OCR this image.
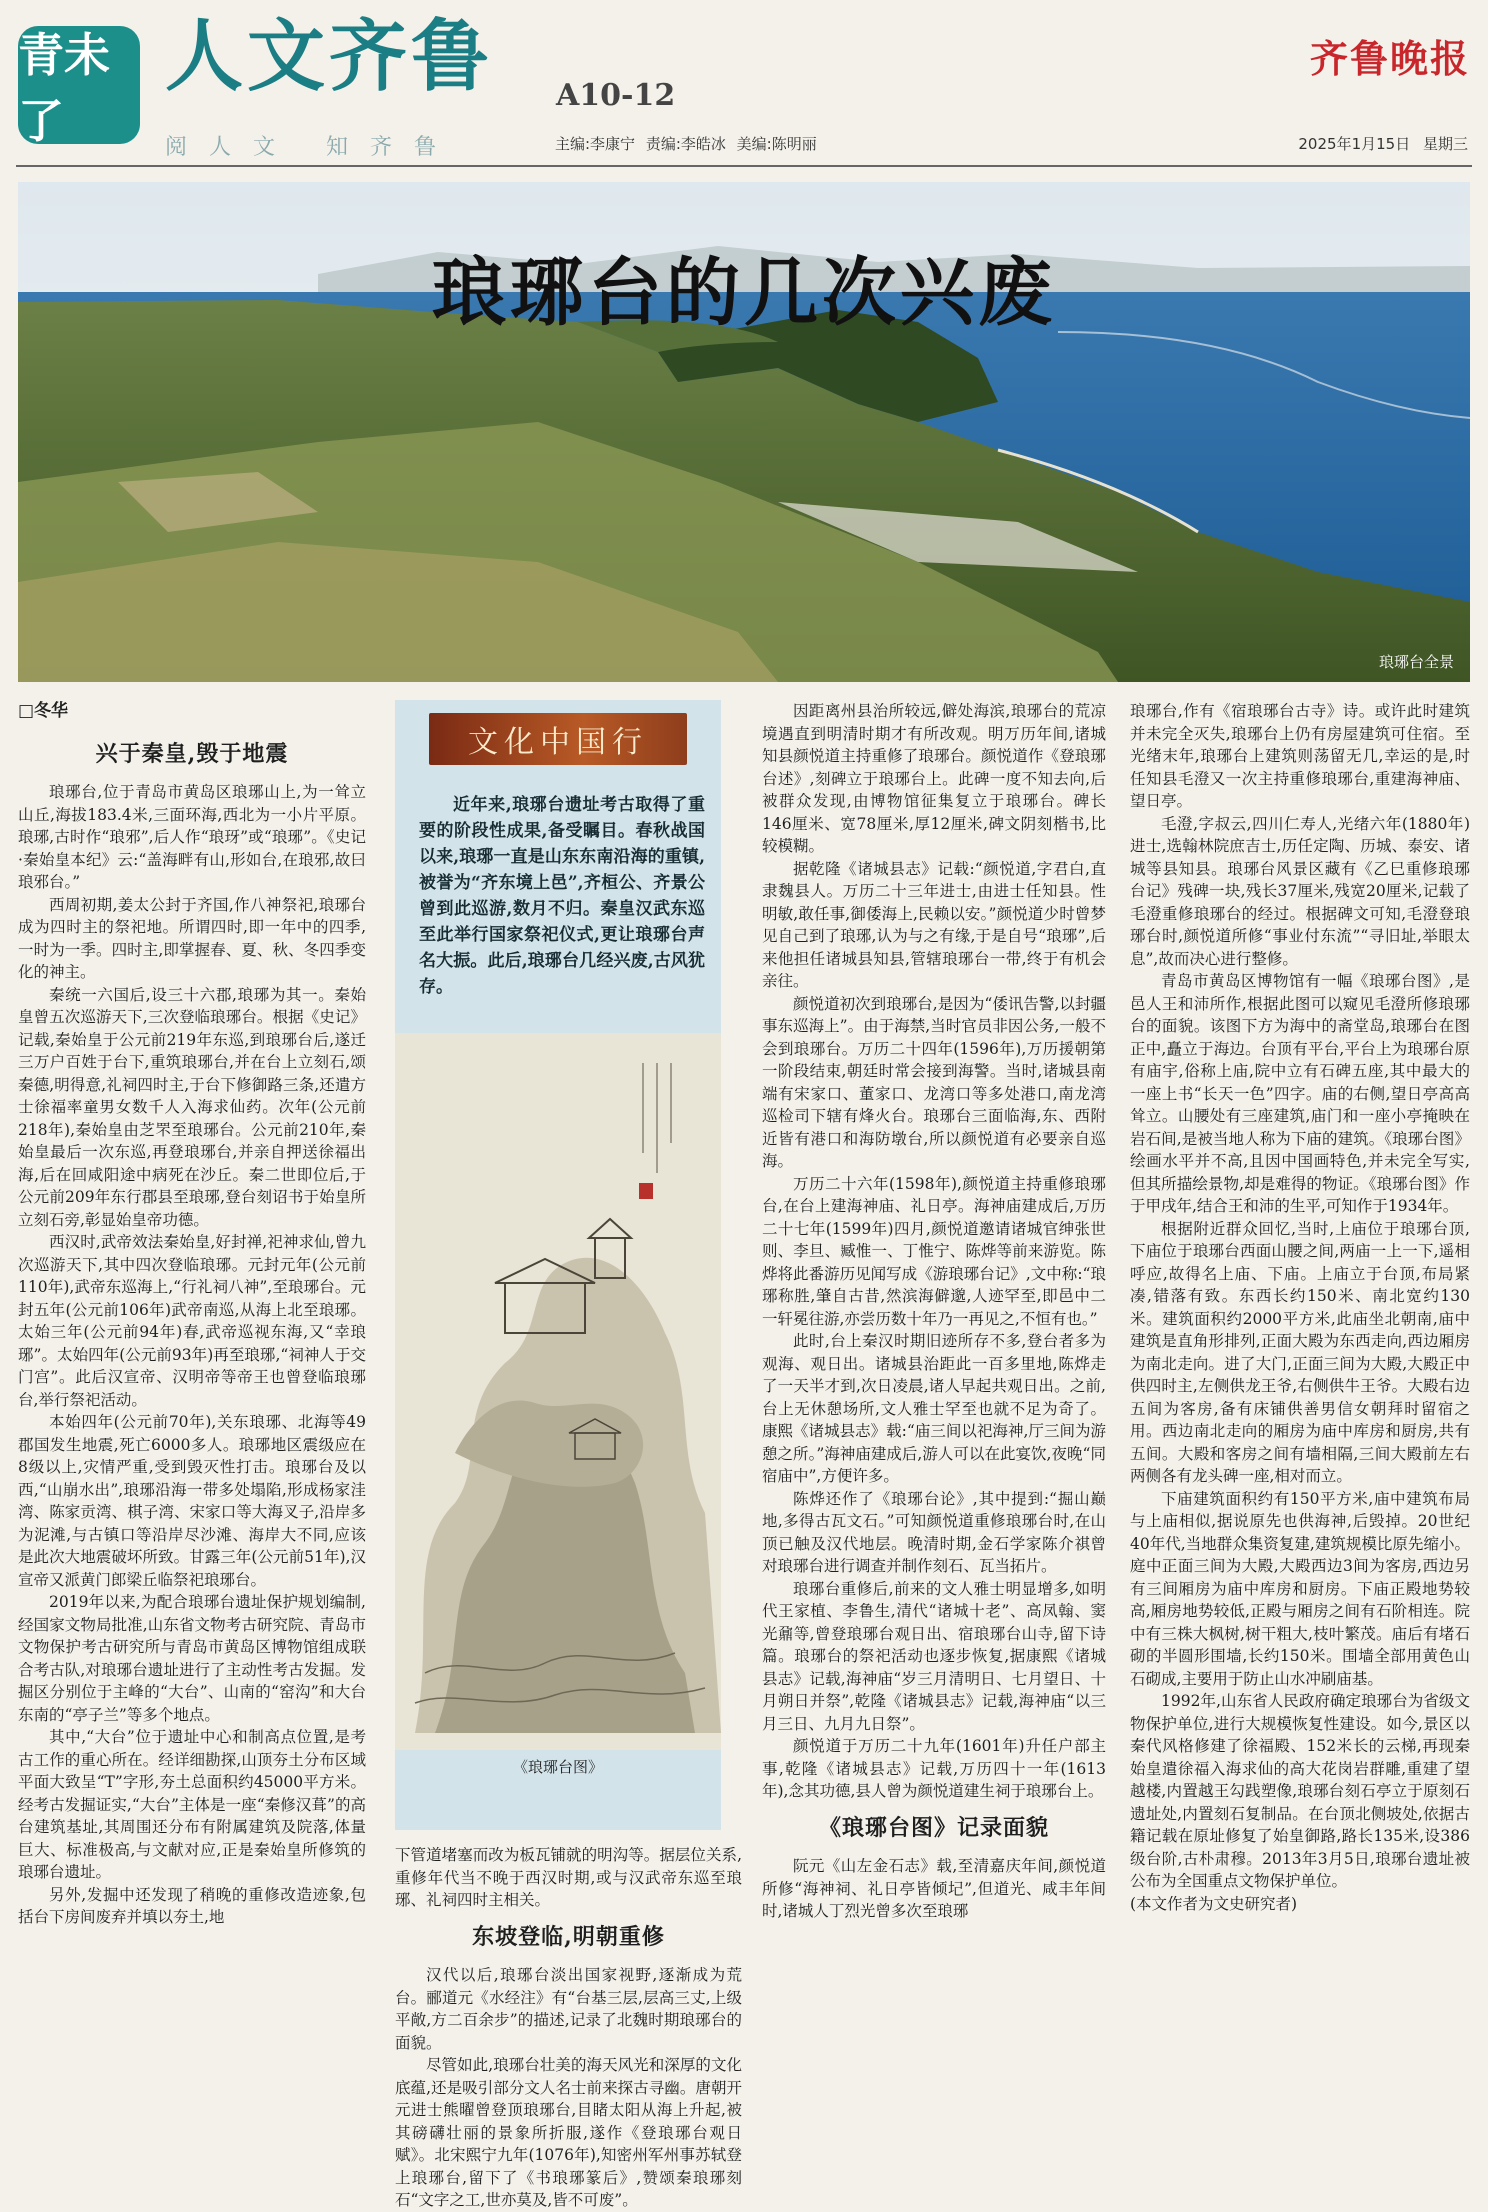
青未了
人文齐鲁 A10-12
阅人文 知齐鲁	主编:李康宁 责编:李皓冰 美编:陈明丽
齐鲁晚报
2025年1月15日 星期三
琅琊台的几次兴废
琅琊台全景
□冬华
兴于秦皇,毁于地震

琅琊台,位于青岛市黄岛区琅琊山上,为一耸立山丘,海拔183.4米,三面环海,西北为一小片平原。琅琊,古时作“琅邪”,后人作“琅玡”或“琅琊”。《史记·秦始皇本纪》云:“盖海畔有山,形如台,在琅邪,故曰琅邪台。”

西周初期,姜太公封于齐国,作八神祭祀,琅琊台成为四时主的祭祀地。所谓四时,即一年中的四季,一时为一季。四时主,即掌握春、夏、秋、冬四季变化的神主。

秦统一六国后,设三十六郡,琅琊为其一。秦始皇曾五次巡游天下,三次登临琅琊台。根据《史记》记载,秦始皇于公元前219年东巡,到琅琊台后,遂迁三万户百姓于台下,重筑琅琊台,并在台上立刻石,颂秦德,明得意,礼祠四时主,于台下修御路三条,还遣方士徐福率童男女数千人入海求仙药。次年(公元前218年),秦始皇由芝罘至琅琊台。公元前210年,秦始皇最后一次东巡,再登琅琊台,并亲自押送徐福出海,后在回咸阳途中病死在沙丘。秦二世即位后,于公元前209年东行郡县至琅琊,登台刻诏书于始皇所立刻石旁,彰显始皇帝功德。

西汉时,武帝效法秦始皇,好封禅,祀神求仙,曾九次巡游天下,其中四次登临琅琊。元封元年(公元前110年),武帝东巡海上,“行礼祠八神”,至琅琊台。元封五年(公元前106年)武帝南巡,从海上北至琅琊。太始三年(公元前94年)春,武帝巡视东海,又“幸琅琊”。太始四年(公元前93年)再至琅琊,“祠神人于交门宫”。此后汉宣帝、汉明帝等帝王也曾登临琅琊台,举行祭祀活动。

本始四年(公元前70年),关东琅琊、北海等49郡国发生地震,死亡6000多人。琅琊地区震级应在8级以上,灾情严重,受到毁灭性打击。琅琊台及以西,“山崩水出”,琅琊沿海一带多处塌陷,形成杨家洼湾、陈家贡湾、棋子湾、宋家口等大海叉子,沿岸多为泥滩,与古镇口等沿岸尽沙滩、海岸大不同,应该是此次大地震破坏所致。甘露三年(公元前51年),汉宣帝又派黄门郎梁丘临祭祀琅琊台。

2019年以来,为配合琅琊台遗址保护规划编制,经国家文物局批准,山东省文物考古研究院、青岛市文物保护考古研究所与青岛市黄岛区博物馆组成联合考古队,对琅琊台遗址进行了主动性考古发掘。发掘区分别位于主峰的“大台”、山南的“窑沟”和大台东南的“亭子兰”等多个地点。

其中,“大台”位于遗址中心和制高点位置,是考古工作的重心所在。经详细勘探,山顶夯土分布区域平面大致呈“T”字形,夯土总面积约45000平方米。经考古发掘证实,“大台”主体是一座“秦修汉葺”的高台建筑基址,其周围还分布有附属建筑及院落,体量巨大、标准极高,与文献对应,正是秦始皇所修筑的琅琊台遗址。

另外,发掘中还发现了稍晚的重修改造迹象,包括台下房间废弃并填以夯土,地

文化中国行

近年来,琅琊台遗址考古取得了重要的阶段性成果,备受瞩目。春秋战国以来,琅琊一直是山东东南沿海的重镇,被誉为“齐东境上邑”,齐桓公、齐景公曾到此巡游,数月不归。秦皇汉武东巡至此举行国家祭祀仪式,更让琅琊台声名大振。此后,琅琊台几经兴废,古风犹存。

《琅琊台图》

下管道堵塞而改为板瓦铺就的明沟等。据层位关系,重修年代当不晚于西汉时期,或与汉武帝东巡至琅琊、礼祠四时主相关。

东坡登临,明朝重修

汉代以后,琅琊台淡出国家视野,逐渐成为荒台。郦道元《水经注》有“台基三层,层高三丈,上级平敞,方二百余步”的描述,记录了北魏时期琅琊台的面貌。

尽管如此,琅琊台壮美的海天风光和深厚的文化底蕴,还是吸引部分文人名士前来探古寻幽。唐朝开元进士熊曜曾登顶琅琊台,目睹太阳从海上升起,被其磅礴壮丽的景象所折服,遂作《登琅琊台观日赋》。北宋熙宁九年(1076年),知密州军州事苏轼登上琅琊台,留下了《书琅琊篆后》,赞颂秦琅琊刻石“文字之工,世亦莫及,皆不可废”。

因距离州县治所较远,僻处海滨,琅琊台的荒凉境遇直到明清时期才有所改观。明万历年间,诸城知县颜悦道主持重修了琅琊台。颜悦道作《登琅琊台述》,刻碑立于琅琊台上。此碑一度不知去向,后被群众发现,由博物馆征集复立于琅琊台。碑长146厘米、宽78厘米,厚12厘米,碑文阴刻楷书,比较模糊。

据乾隆《诸城县志》记载:“颜悦道,字君白,直隶魏县人。万历二十三年进士,由进士任知县。性明敏,敢任事,御倭海上,民赖以安。”颜悦道少时曾梦见自己到了琅琊,认为与之有缘,于是自号“琅琊”,后来他担任诸城县知县,管辖琅琊台一带,终于有机会亲往。

颜悦道初次到琅琊台,是因为“倭讯告警,以封疆事东巡海上”。由于海禁,当时官员非因公务,一般不会到琅琊台。万历二十四年(1596年),万历援朝第一阶段结束,朝廷时常会接到海警。当时,诸城县南端有宋家口、董家口、龙湾口等多处港口,南龙湾巡检司下辖有烽火台。琅琊台三面临海,东、西附近皆有港口和海防墩台,所以颜悦道有必要亲自巡海。

万历二十六年(1598年),颜悦道主持重修琅琊台,在台上建海神庙、礼日亭。海神庙建成后,万历二十七年(1599年)四月,颜悦道邀请诸城官绅张世则、李旦、臧惟一、丁惟宁、陈烨等前来游览。陈烨将此番游历见闻写成《游琅琊台记》,文中称:“琅琊称胜,肇自古昔,然滨海僻邈,人迹罕至,即邑中二一轩冕往游,亦尝历数十年乃一再见之,不恒有也。”

此时,台上秦汉时期旧迹所存不多,登台者多为观海、观日出。诸城县治距此一百多里地,陈烨走了一天半才到,次日凌晨,诸人早起共观日出。之前,台上无休憩场所,文人雅士罕至也就不足为奇了。康熙《诸城县志》载:“庙三间以祀海神,厅三间为游憩之所。”海神庙建成后,游人可以在此宴饮,夜晚“同宿庙中”,方便许多。

陈烨还作了《琅琊台论》,其中提到:“掘山巅地,多得古瓦文石。”可知颜悦道重修琅琊台时,在山顶已触及汉代地层。晚清时期,金石学家陈介祺曾对琅琊台进行调查并制作刻石、瓦当拓片。

琅琊台重修后,前来的文人雅士明显增多,如明代王家植、李鲁生,清代“诸城十老”、高凤翰、窦光鼐等,曾登琅琊台观日出、宿琅琊台山寺,留下诗篇。琅琊台的祭祀活动也逐步恢复,据康熙《诸城县志》记载,海神庙“岁三月清明日、七月望日、十月朔日并祭”,乾隆《诸城县志》记载,海神庙“以三月三日、九月九日祭”。

颜悦道于万历二十九年(1601年)升任户部主事,乾隆《诸城县志》记载,万历四十一年(1613年),念其功德,县人曾为颜悦道建生祠于琅琊台上。

《琅琊台图》记录面貌

阮元《山左金石志》载,至清嘉庆年间,颜悦道所修“海神祠、礼日亭皆倾圮”,但道光、咸丰年间时,诸城人丁烈光曾多次至琅琊

琅琊台,作有《宿琅琊台古寺》诗。或许此时建筑并未完全灭失,琅琊台上仍有房屋建筑可住宿。至光绪末年,琅琊台上建筑则荡留无几,幸运的是,时任知县毛澄又一次主持重修琅琊台,重建海神庙、望日亭。

毛澄,字叔云,四川仁寿人,光绪六年(1880年)进士,选翰林院庶吉士,历任定陶、历城、泰安、诸城等县知县。琅琊台风景区藏有《乙巳重修琅琊台记》残碑一块,残长37厘米,残宽20厘米,记载了毛澄重修琅琊台的经过。根据碑文可知,毛澄登琅琊台时,颜悦道所修“事业付东流”“寻旧址,举眼太息”,故而决心进行整修。

青岛市黄岛区博物馆有一幅《琅琊台图》,是邑人王和沛所作,根据此图可以窥见毛澄所修琅琊台的面貌。该图下方为海中的斋堂岛,琅琊台在图正中,矗立于海边。台顶有平台,平台上为琅琊台原有庙宇,俗称上庙,院中立有石碑五座,其中最大的一座上书“长天一色”四字。庙的右侧,望日亭高高耸立。山腰处有三座建筑,庙门和一座小亭掩映在岩石间,是被当地人称为下庙的建筑。《琅琊台图》绘画水平并不高,且因中国画特色,并未完全写实,但其所描绘景物,却是难得的物证。《琅琊台图》作于甲戌年,结合王和沛的生平,可知作于1934年。

根据附近群众回忆,当时,上庙位于琅琊台顶,下庙位于琅琊台西面山腰之间,两庙一上一下,遥相呼应,故得名上庙、下庙。上庙立于台顶,布局紧凑,错落有致。东西长约150米、南北宽约130米。建筑面积约2000平方米,此庙坐北朝南,庙中建筑是直角形排列,正面大殿为东西走向,西边厢房为南北走向。进了大门,正面三间为大殿,大殿正中供四时主,左侧供龙王爷,右侧供牛王爷。大殿右边五间为客房,备有床铺供善男信女朝拜时留宿之用。西边南北走向的厢房为庙中库房和厨房,共有五间。大殿和客房之间有墙相隔,三间大殿前左右两侧各有龙头碑一座,相对而立。

下庙建筑面积约有150平方米,庙中建筑布局与上庙相似,据说原先也供海神,后毁掉。20世纪40年代,当地群众集资复建,建筑规模比原先缩小。庭中正面三间为大殿,大殿西边3间为客房,西边另有三间厢房为庙中库房和厨房。下庙正殿地势较高,厢房地势较低,正殿与厢房之间有石阶相连。院中有三株大枫树,树干粗大,枝叶繁茂。庙后有堵石砌的半圆形围墙,长约150米。围墙全部用黄色山石砌成,主要用于防止山水冲刷庙基。

1992年,山东省人民政府确定琅琊台为省级文物保护单位,进行大规模恢复性建设。如今,景区以秦代风格修建了徐福殿、152米长的云梯,再现秦始皇遣徐福入海求仙的高大花岗岩群雕,重建了望越楼,内置越王勾践塑像,琅琊台刻石亭立于原刻石遗址处,内置刻石复制品。在台顶北侧坡处,依据古籍记载在原址修复了始皇御路,路长135米,设386级台阶,古朴肃穆。2013年3月5日,琅琊台遗址被公布为全国重点文物保护单位。

(本文作者为文史研究者)
